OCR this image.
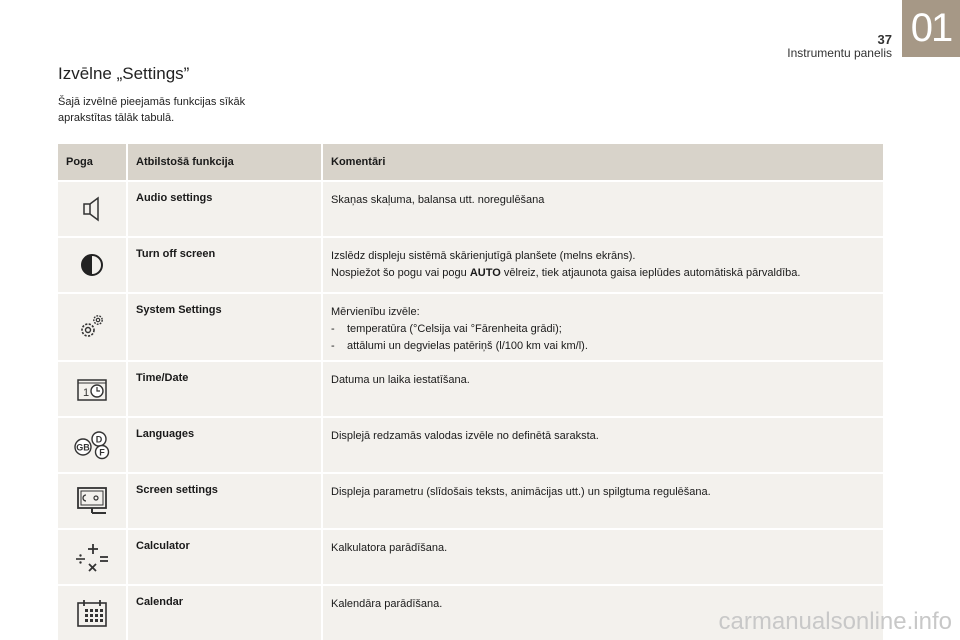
37
Instrumentu panelis
01
Izvēlne „Settings”
Šajā izvēlnē pieejamās funkcijas sīkāk aprakstītas tālāk tabulā.
Poga	Atbilstošā funkcija	Komentāri

	Audio settings	Skaņas skaļuma, balansa utt. noregulēšana

	Turn off screen	Izslēdz displeju sistēmā skārienjutīgā planšete (melns ekrāns).
Nospiežot šo pogu vai pogu AUTO vēlreiz, tiek atjaunota gaisa ieplūdes automātiskā pārvaldība.

	System Settings	Mērvienību izvēle:
- temperatūra (°Celsija vai °Fārenheita grādi);
- attālumi un degvielas patēriņš (l/100 km vai km/l).

1	Time/Date	Datuma un laika iestatīšana.

GB
D
F	Languages	Displejā redzamās valodas izvēle no definētā saraksta.

	Screen settings	Displeja parametru (slīdošais teksts, animācijas utt.) un spilgtuma regulēšana.

	Calculator	Kalkulatora parādīšana.

	Calendar	Kalendāra parādīšana.
carmanualsonline.info
